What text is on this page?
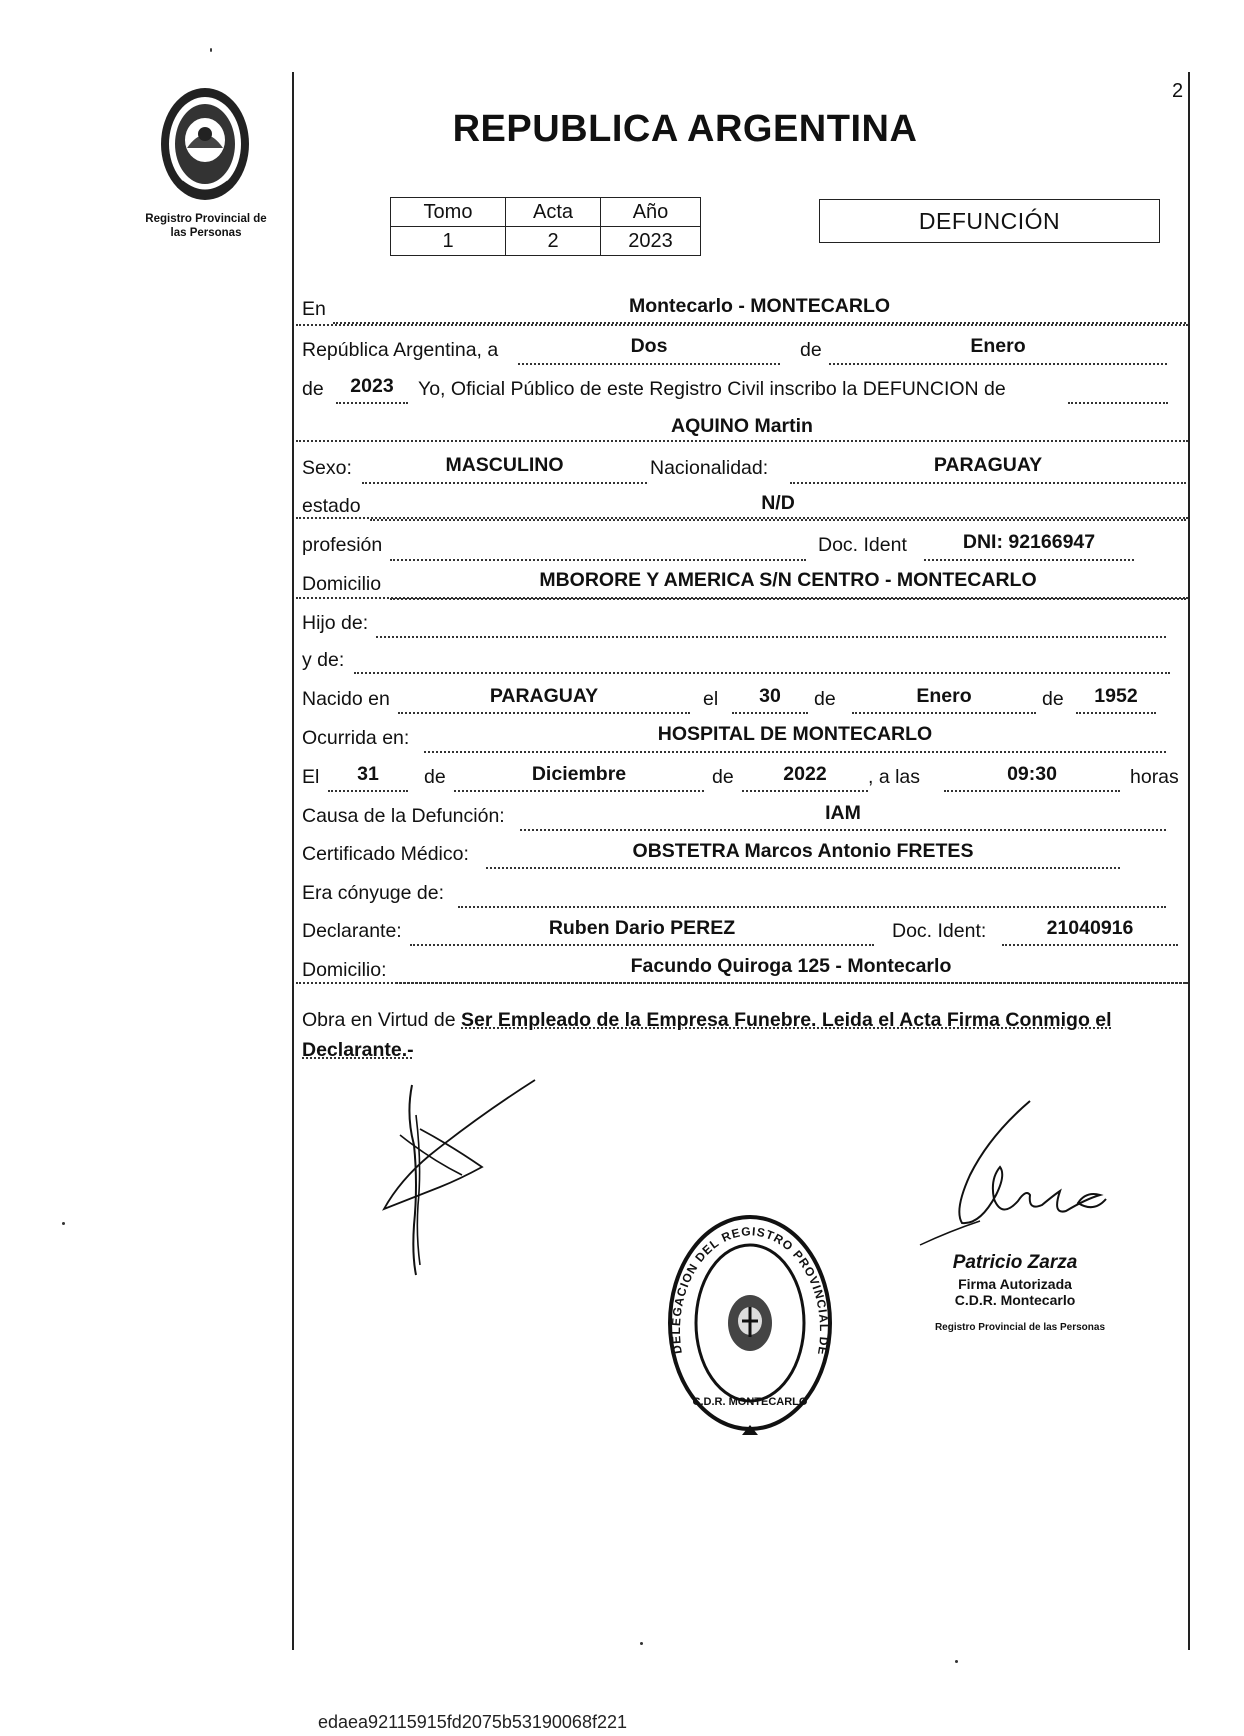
Registro Provincial de
las Personas
2
REPUBLICA ARGENTINA
Tomo	Acta	Año
1	2	2023
DEFUNCIÓN
En	Montecarlo - MONTECARLO
República Argentina, a	Dos	de	Enero
de	2023	Yo, Oficial Público de este Registro Civil inscribo la DEFUNCION de
AQUINO Martin
Sexo:	MASCULINO	Nacionalidad:	PARAGUAY
estado	N/D
profesión	Doc. Ident	DNI: 92166947
Domicilio	MBORORE Y AMERICA S/N CENTRO - MONTECARLO
Hijo de:
y de:
Nacido en	PARAGUAY	el	30	de	Enero	de	1952
Ocurrida en:	HOSPITAL DE MONTECARLO
El	31	de	Diciembre	de	2022	, a las	09:30	horas
Causa de la Defunción:	IAM
Certificado Médico:	OBSTETRA Marcos Antonio FRETES
Era cónyuge de:
Declarante:	Ruben Dario PEREZ	Doc. Ident:	21040916
Domicilio:	Facundo Quiroga 125 - Montecarlo
Obra en Virtud de Ser Empleado de la Empresa Funebre. Leida el Acta Firma Conmigo el
Declarante.-
DELEGACION DEL REGISTRO PROVINCIAL DE
C.D.R. MONTECARLO
Patricio Zarza
Firma Autorizada
C.D.R. Montecarlo
Registro Provincial de las Personas
edaea92115915fd2075b53190068f221
